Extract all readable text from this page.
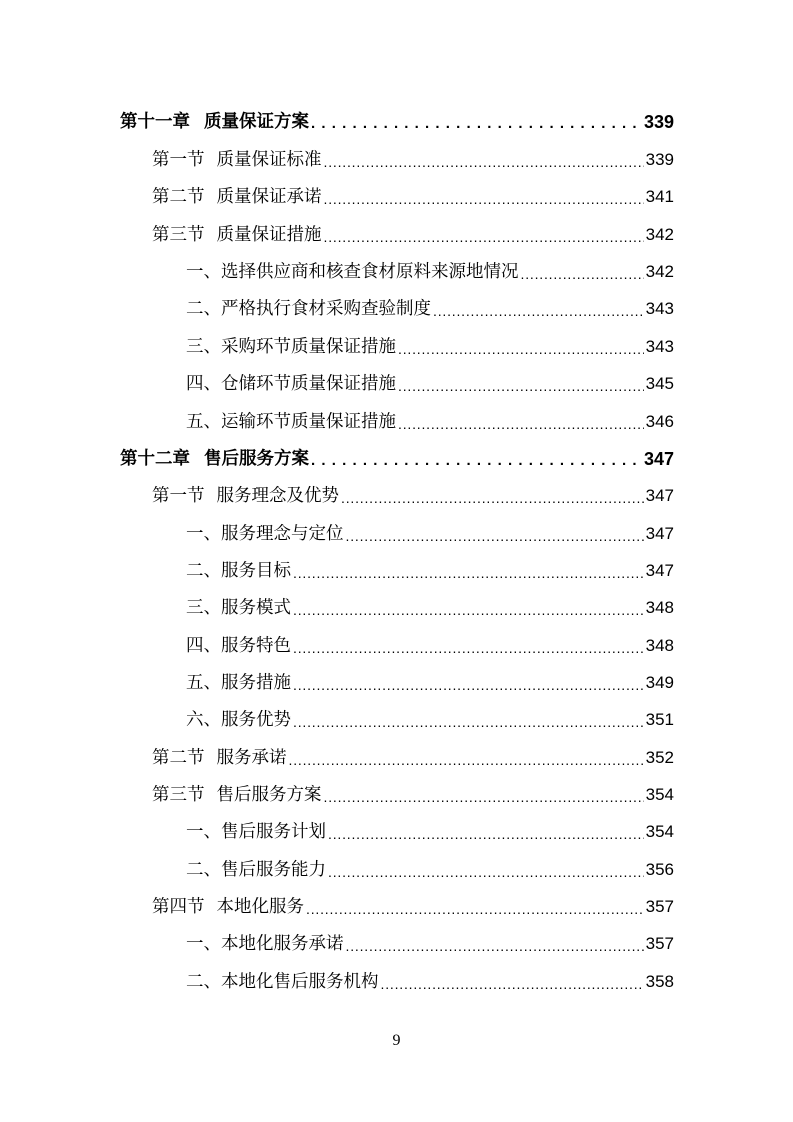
第十一章 质量保证方案 .....	339
第一节 质量保证标准 .....	339
第二节 质量保证承诺 .....	341
第三节 质量保证措施 .....	342
一、选择供应商和核查食材原料来源地情况 .....	342
二、严格执行食材采购查验制度 .....	343
三、采购环节质量保证措施 .....	343
四、仓储环节质量保证措施 .....	345
五、运输环节质量保证措施 .....	346
第十二章 售后服务方案 .....	347
第一节 服务理念及优势 .....	347
一、服务理念与定位 .....	347
二、服务目标 .....	347
三、服务模式 .....	348
四、服务特色 .....	348
五、服务措施 .....	349
六、服务优势 .....	351
第二节 服务承诺 .....	352
第三节 售后服务方案 .....	354
一、售后服务计划 .....	354
二、售后服务能力 .....	356
第四节 本地化服务 .....	357
一、本地化服务承诺 .....	357
二、本地化售后服务机构 .....	358
9
